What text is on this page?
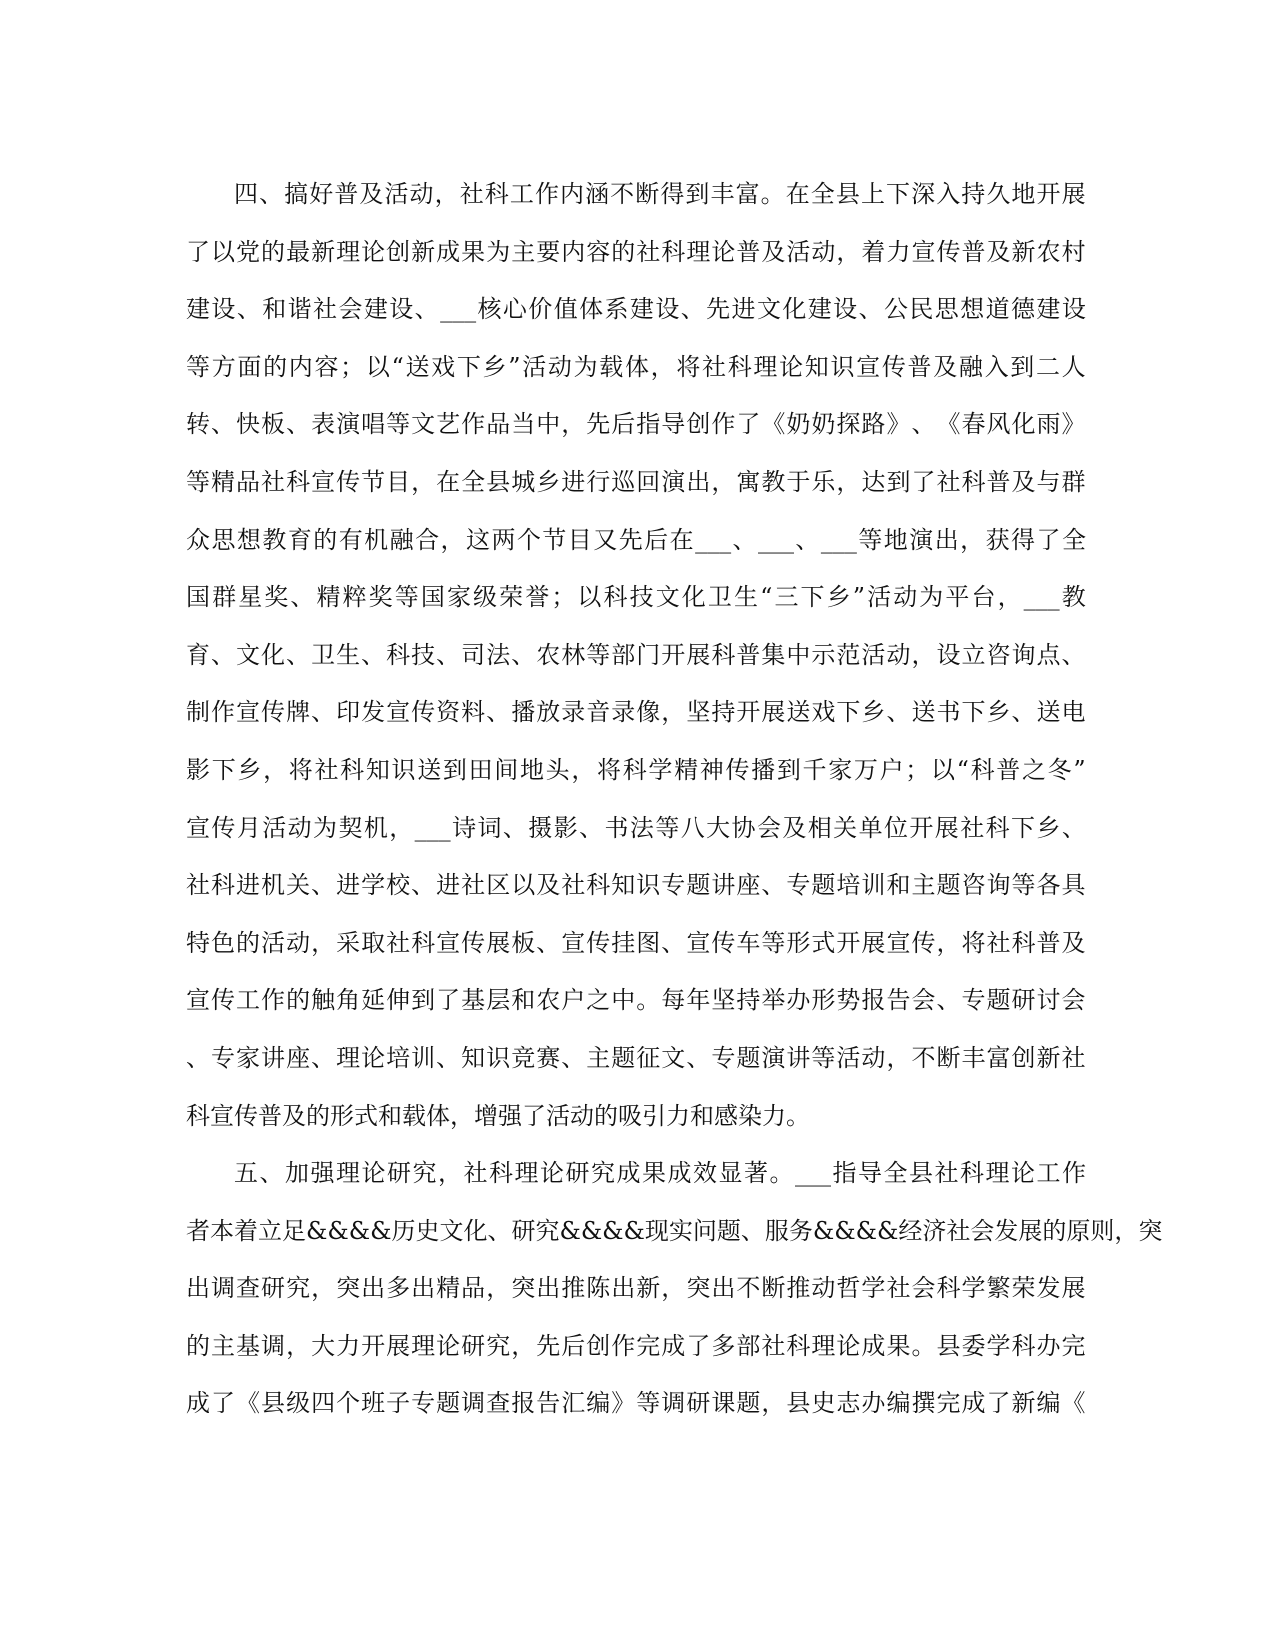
四 、 搞 好 普 及 活 动 ， 社 科 工 作 内 涵 不 断 得 到 丰 富 。 在 全 县 上 下 深 入 持 久 地 开 展
了 以 党 的 最 新 理 论 创 新 成 果 为 主 要 内 容 的 社 科 理 论 普 及 活 动 ， 着 力 宣 传 普 及 新 农 村
建 设 、 和 谐 社 会 建 设 、 ___ 核 心 价 值 体 系 建 设 、 先 进 文 化 建 设 、 公 民 思 想 道 德 建 设
等 方 面 的 内 容 ； 以 “ 送 戏 下 乡 ” 活 动 为 载 体 ， 将 社 科 理 论 知 识 宣 传 普 及 融 入 到 二 人
转 、 快 板 、 表 演 唱 等 文 艺 作 品 当 中 ， 先 后 指 导 创 作 了 《 奶 奶 探 路 》 、 《 春 风 化 雨 》
等 精 品 社 科 宣 传 节 目 ， 在 全 县 城 乡 进 行 巡 回 演 出 ， 寓 教 于 乐 ， 达 到 了 社 科 普 及 与 群
众 思 想 教 育 的 有 机 融 合 ， 这 两 个 节 目 又 先 后 在 ___ 、 ___ 、 ___ 等 地 演 出 ， 获 得 了 全
国 群 星 奖 、 精 粹 奖 等 国 家 级 荣 誉 ； 以 科 技 文 化 卫 生 “ 三 下 乡 ” 活 动 为 平 台 ， ___ 教
育 、 文 化 、 卫 生 、 科 技 、 司 法 、 农 林 等 部 门 开 展 科 普 集 中 示 范 活 动 ， 设 立 咨 询 点 、
制 作 宣 传 牌 、 印 发 宣 传 资 料 、 播 放 录 音 录 像 ， 坚 持 开 展 送 戏 下 乡 、 送 书 下 乡 、 送 电
影 下 乡 ， 将 社 科 知 识 送 到 田 间 地 头 ， 将 科 学 精 神 传 播 到 千 家 万 户 ； 以 “ 科 普 之 冬 ”
宣 传 月 活 动 为 契 机 ， ___ 诗 词 、 摄 影 、 书 法 等 八 大 协 会 及 相 关 单 位 开 展 社 科 下 乡 、
社 科 进 机 关 、 进 学 校 、 进 社 区 以 及 社 科 知 识 专 题 讲 座 、 专 题 培 训 和 主 题 咨 询 等 各 具
特 色 的 活 动 ， 采 取 社 科 宣 传 展 板 、 宣 传 挂 图 、 宣 传 车 等 形 式 开 展 宣 传 ， 将 社 科 普 及
宣 传 工 作 的 触 角 延 伸 到 了 基 层 和 农 户 之 中 。 每 年 坚 持 举 办 形 势 报 告 会 、 专 题 研 讨 会
、 专 家 讲 座 、 理 论 培 训 、 知 识 竞 赛 、 主 题 征 文 、 专 题 演 讲 等 活 动 ， 不 断 丰 富 创 新 社
科宣传普及的形式和载体，增强了活动的吸引力和感染力。
五 、 加 强 理 论 研 究 ， 社 科 理 论 研 究 成 果 成 效 显 著 。 ___ 指 导 全 县 社 科 理 论 工 作
者 本 着 立 足 &&&& 历 史 文 化 、 研 究 &&&& 现 实 问 题 、 服 务 &&&& 经 济 社 会 发 展 的 原 则 ， 突
出 调 查 研 究 ， 突 出 多 出 精 品 ， 突 出 推 陈 出 新 ， 突 出 不 断 推 动 哲 学 社 会 科 学 繁 荣 发 展
的 主 基 调 ， 大 力 开 展 理 论 研 究 ， 先 后 创 作 完 成 了 多 部 社 科 理 论 成 果 。 县 委 学 科 办 完
成 了 《 县 级 四 个 班 子 专 题 调 查 报 告 汇 编 》 等 调 研 课 题 ， 县 史 志 办 编 撰 完 成 了 新 编 《
